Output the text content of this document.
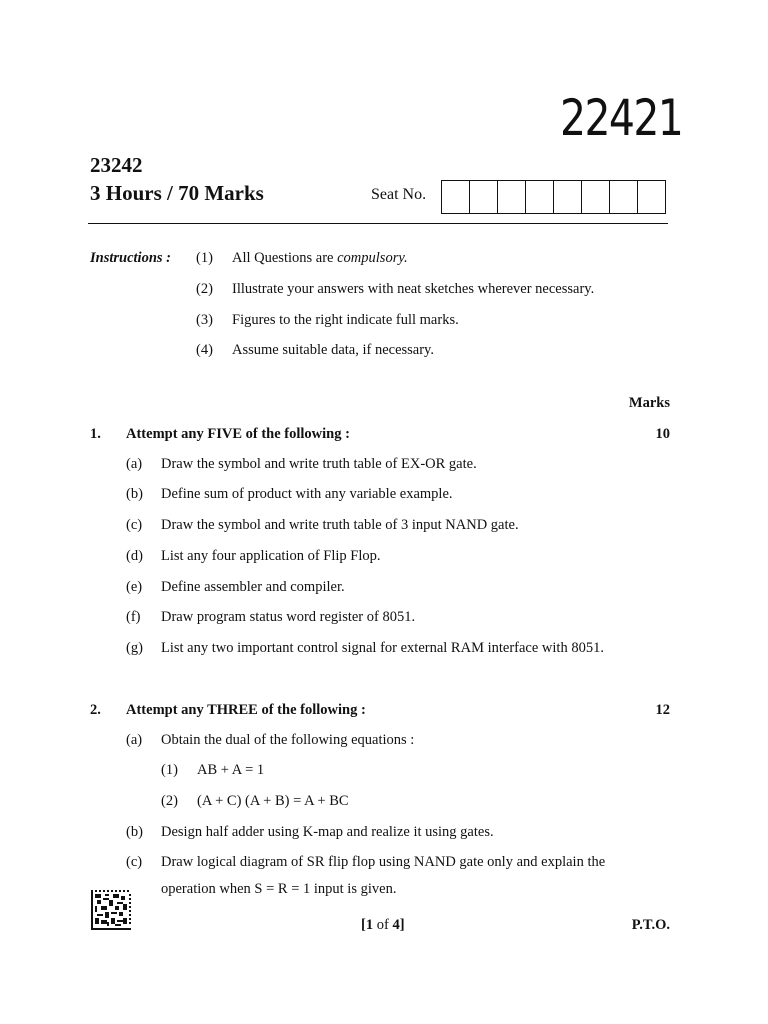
22421
23242
3 Hours / 70 Marks	Seat No.
Instructions : (1) All Questions are compulsory.
(2) Illustrate your answers with neat sketches wherever necessary.
(3) Figures to the right indicate full marks.
(4) Assume suitable data, if necessary.
Marks
1. Attempt any FIVE of the following :	10
(a) Draw the symbol and write truth table of EX-OR gate.
(b) Define sum of product with any variable example.
(c) Draw the symbol and write truth table of 3 input NAND gate.
(d) List any four application of Flip Flop.
(e) Define assembler and compiler.
(f) Draw program status word register of 8051.
(g) List any two important control signal for external RAM interface with 8051.
2. Attempt any THREE of the following :	12
(a) Obtain the dual of the following equations :
(1) AB + A = 1
(2) (A + C) (A + B) = A + BC
(b) Design half adder using K-map and realize it using gates.
(c) Draw logical diagram of SR flip flop using NAND gate only and explain the
operation when S = R = 1 input is given.
[1 of 4]	P.T.O.
